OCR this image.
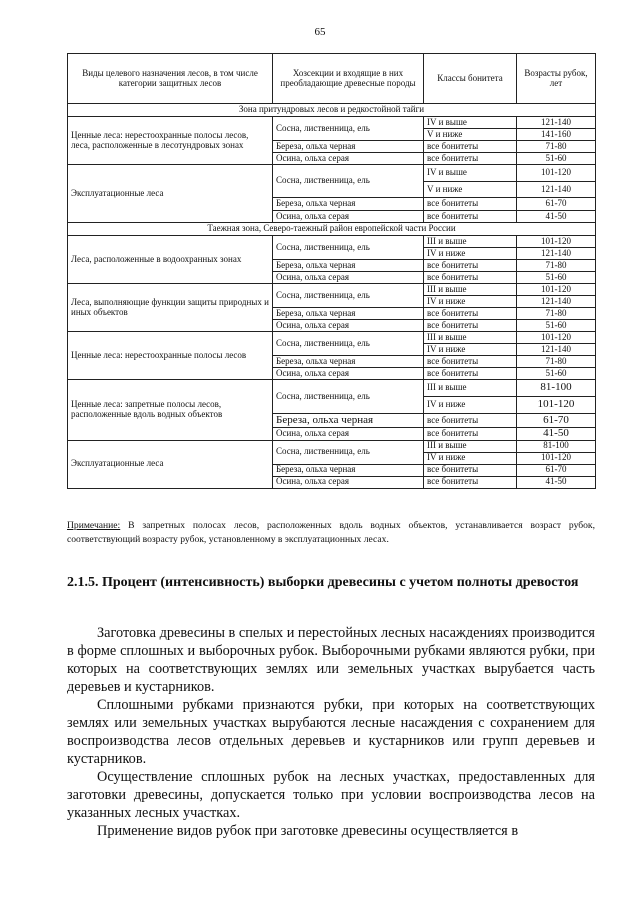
65
Виды целевого назначения лесов, в том числе категории защитных лесов	Хозсекции и входящие в них преобладающие древесные породы	Классы бонитета	Возрасты рубок, лет
Зона притундровых лесов и редкостойной тайги			
Ценные леса: нерестоохранные полосы лесов, леса, расположенные в лесотундровых зонах	Сосна, лиственница, ель	IV и выше	121-140
		V и ниже	141-160
	Береза, ольха черная	все бонитеты	71-80
	Осина, ольха серая	все бонитеты	51-60
Эксплуатационные леса	Сосна, лиственница, ель	IV и выше	101-120
		V и ниже	121-140
	Береза, ольха черная	все бонитеты	61-70
	Осина, ольха серая	все бонитеты	41-50
Таежная зона, Северо-таежный район европейской части России			
Леса, расположенные в водоохранных зонах	Сосна, лиственница, ель	III и выше	101-120
		IV и ниже	121-140
	Береза, ольха черная	все бонитеты	71-80
	Осина, ольха серая	все бонитеты	51-60
Леса, выполняющие функции защиты природных и иных объектов	Сосна, лиственница, ель	III и выше	101-120
		IV и ниже	121-140
	Береза, ольха черная	все бонитеты	71-80
	Осина, ольха серая	все бонитеты	51-60
Ценные леса: нерестоохранные полосы лесов	Сосна, лиственница, ель	III и выше	101-120
		IV и ниже	121-140
	Береза, ольха черная	все бонитеты	71-80
	Осина, ольха серая	все бонитеты	51-60
Ценные леса: запретные полосы лесов, расположенные вдоль водных объектов	Сосна, лиственница, ель	III и выше	81-100
		IV и ниже	101-120
	Береза, ольха черная	все бонитеты	61-70
	Осина, ольха серая	все бонитеты	41-50
Эксплуатационные леса	Сосна, лиственница, ель	III и выше	81-100
		IV и ниже	101-120
	Береза, ольха черная	все бонитеты	61-70
	Осина, ольха серая	все бонитеты	41-50
Примечание: В запретных полосах лесов, расположенных вдоль водных объектов, устанавливается возраст рубок, соответствующий возрасту рубок, установленному в эксплуатационных лесах.
2.1.5. Процент (интенсивность) выборки древесины с учетом полноты древостоя

Заготовка древесины в спелых и перестойных лесных насаждениях производится в форме сплошных и выборочных рубок. Выборочными рубками являются рубки, при которых на соответствующих землях или земельных участках вырубается часть деревьев и кустарников.

Сплошными рубками признаются рубки, при которых на соответствующих землях или земельных участках вырубаются лесные насаждения с сохранением для воспроизводства лесов отдельных деревьев и кустарников или групп деревьев и кустарников.

Осуществление сплошных рубок на лесных участках, предоставленных для заготовки древесины, допускается только при условии воспроизводства лесов на указанных лесных участках.

Применение видов рубок при заготовке древесины осуществляется в
